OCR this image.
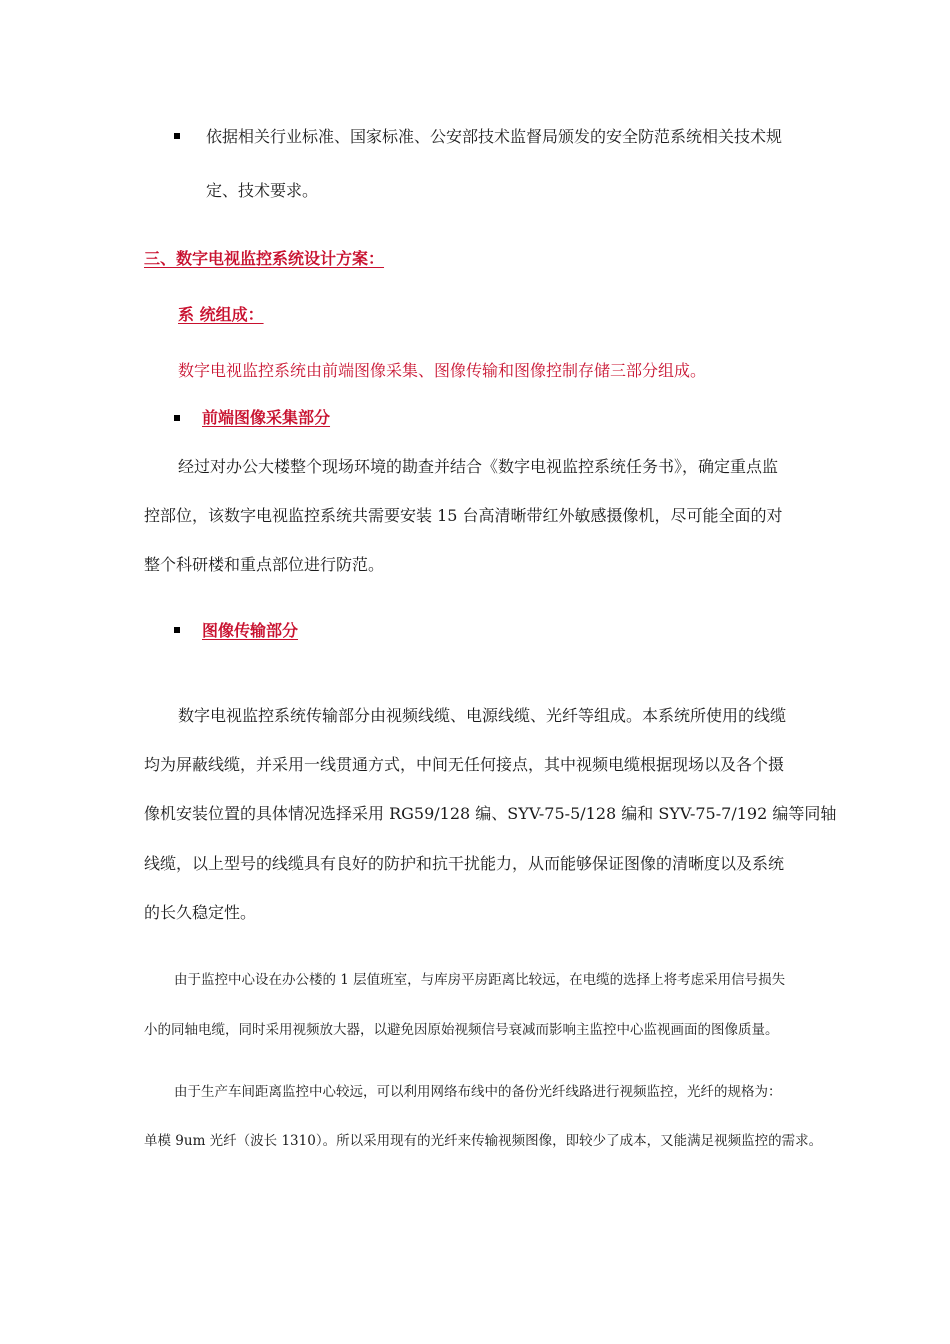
依据相关行业标准、国家标准、公安部技术监督局颁发的安全防范系统相关技术规
定、技术要求。
三、数字电视监控系统设计方案：
系 统组成：
数字电视监控系统由前端图像采集、图像传输和图像控制存储三部分组成。
前端图像采集部分
经过对办公大楼整个现场环境的勘查并结合《数字电视监控系统任务书》，确定重点监
控部位，该数字电视监控系统共需要安装 15 台高清晰带红外敏感摄像机，尽可能全面的对
整个科研楼和重点部位进行防范。
图像传输部分
数字电视监控系统传输部分由视频线缆、电源线缆、光纤等组成。本系统所使用的线缆
均为屏蔽线缆，并采用一线贯通方式，中间无任何接点，其中视频电缆根据现场以及各个摄
像机安装位置的具体情况选择采用 RG59/128 编、SYV-75-5/128 编和 SYV-75-7/192 编等同轴
线缆，以上型号的线缆具有良好的防护和抗干扰能力，从而能够保证图像的清晰度以及系统
的长久稳定性。
由于监控中心设在办公楼的 1 层值班室，与库房平房距离比较远，在电缆的选择上将考虑采用信号损失
小的同轴电缆，同时采用视频放大器，以避免因原始视频信号衰减而影响主监控中心监视画面的图像质量。
由于生产车间距离监控中心较远，可以利用网络布线中的备份光纤线路进行视频监控，光纤的规格为：
单模 9um 光纤（波长 1310）。所以采用现有的光纤来传输视频图像，即较少了成本，又能满足视频监控的需求。
